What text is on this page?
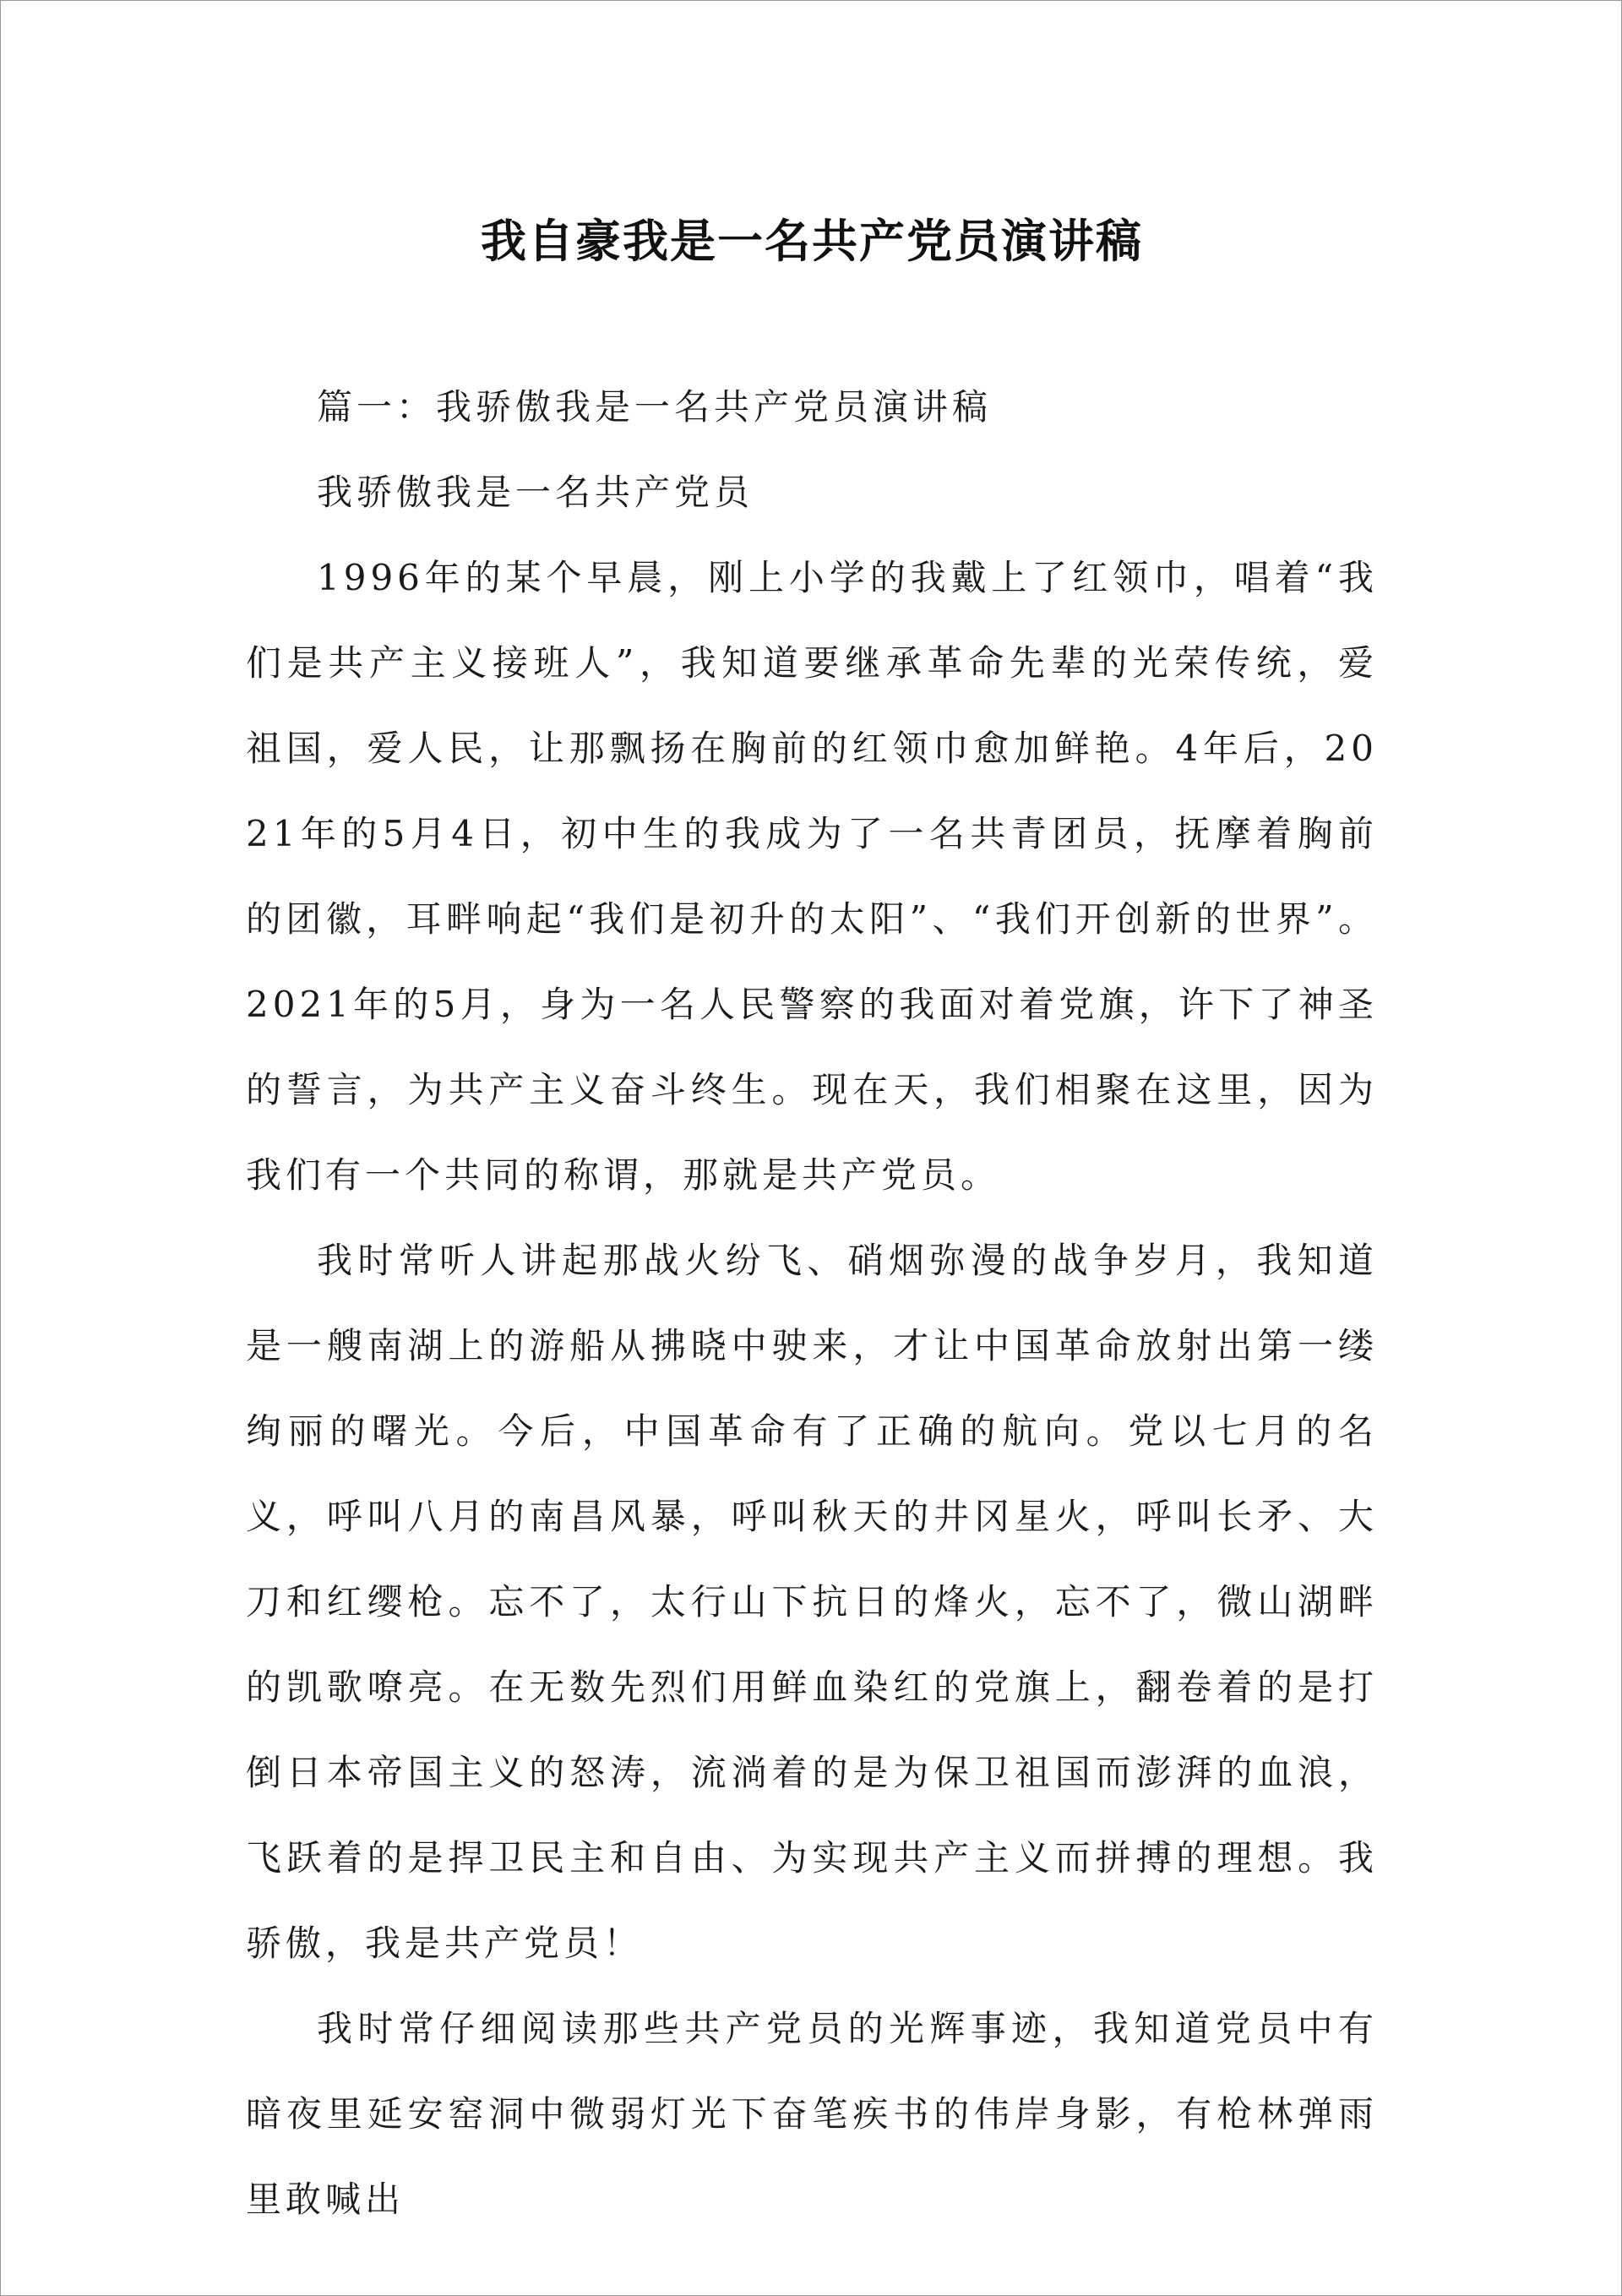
我自豪我是一名共产党员演讲稿

篇一：我骄傲我是一名共产党员演讲稿

我骄傲我是一名共产党员

1996年的某个早晨，刚上小学的我戴上了红领巾，唱着“我们是共产主义接班人”，我知道要继承革命先辈的光荣传统，爱祖国，爱人民，让那飘扬在胸前的红领巾愈加鲜艳。4年后，2021年的5月4日，初中生的我成为了一名共青团员，抚摩着胸前的团徽，耳畔响起“我们是初升的太阳”、“我们开创新的世界”。2021年的5月，身为一名人民警察的我面对着党旗，许下了神圣的誓言，为共产主义奋斗终生。现在天，我们相聚在这里，因为我们有一个共同的称谓，那就是共产党员。

我时常听人讲起那战火纷飞、硝烟弥漫的战争岁月，我知道是一艘南湖上的游船从拂晓中驶来，才让中国革命放射出第一缕绚丽的曙光。今后，中国革命有了正确的航向。党以七月的名义，呼叫八月的南昌风暴，呼叫秋天的井冈星火，呼叫长矛、大刀和红缨枪。忘不了，太行山下抗日的烽火，忘不了，微山湖畔的凯歌嘹亮。在无数先烈们用鲜血染红的党旗上，翻卷着的是打倒日本帝国主义的怒涛，流淌着的是为保卫祖国而澎湃的血浪，飞跃着的是捍卫民主和自由、为实现共产主义而拼搏的理想。我骄傲，我是共产党员！

我时常仔细阅读那些共产党员的光辉事迹，我知道党员中有暗夜里延安窑洞中微弱灯光下奋笔疾书的伟岸身影，有枪林弹雨里敢喊出
